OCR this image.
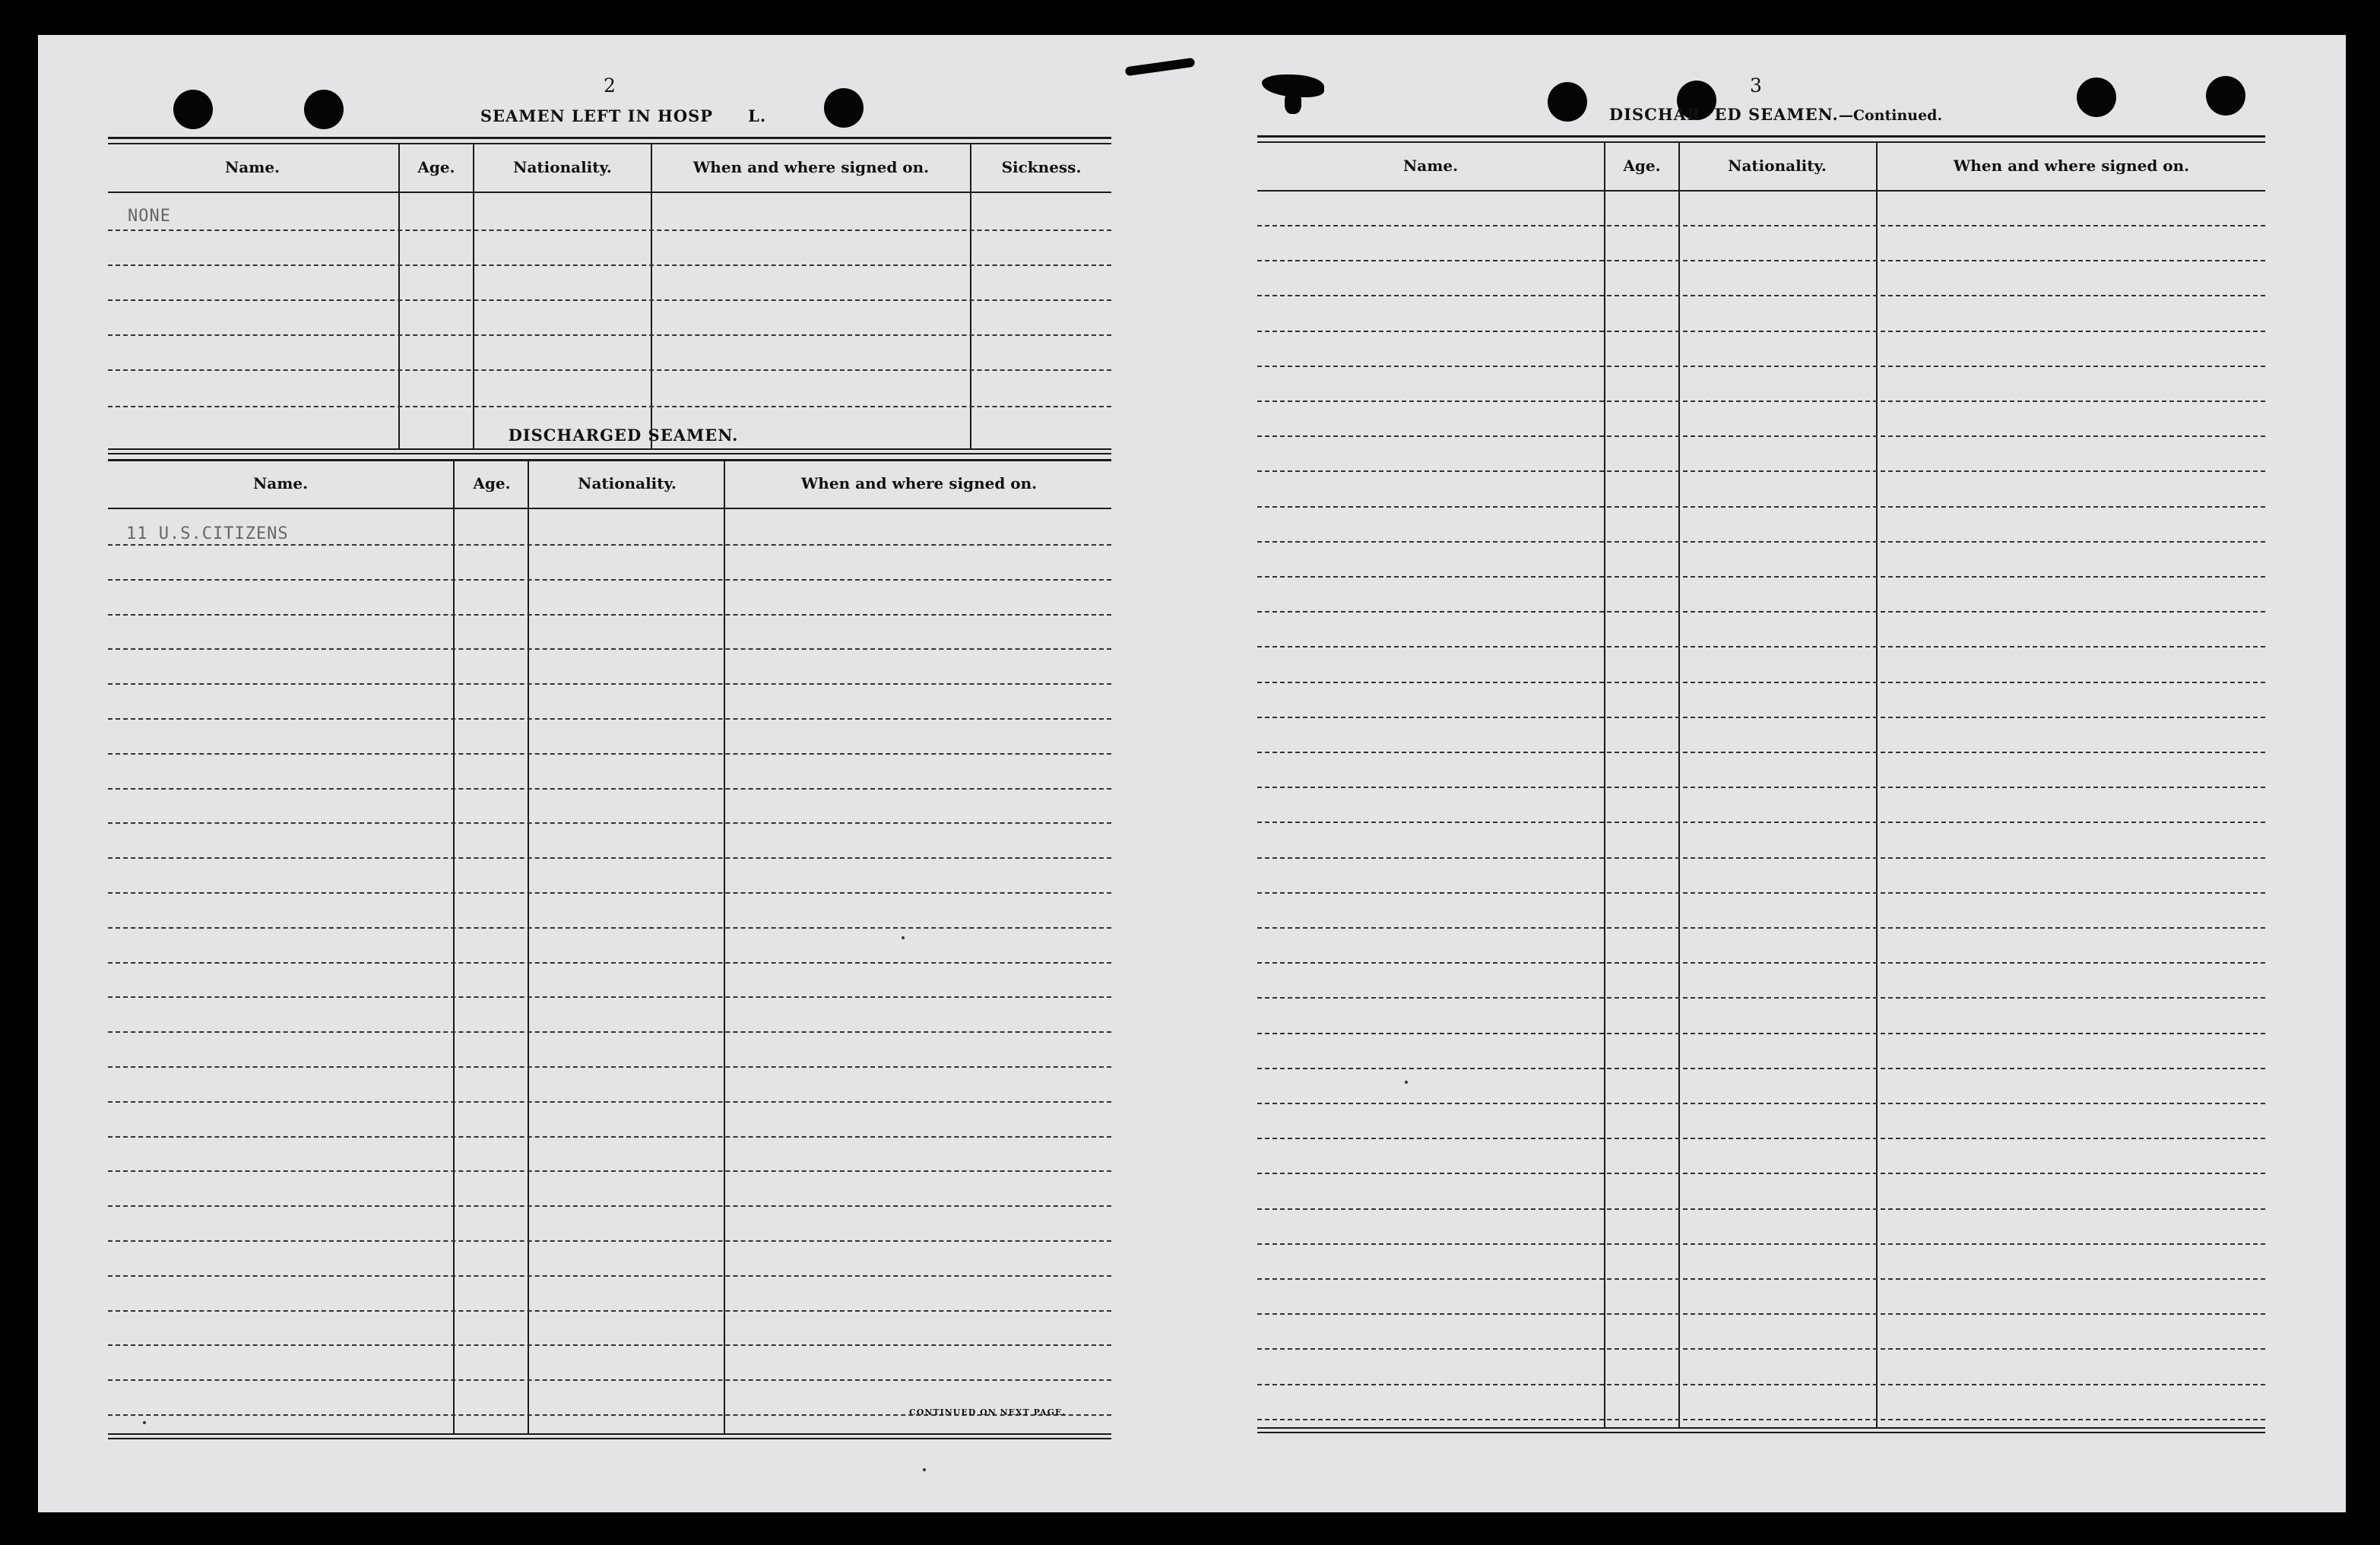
2
SEAMEN LEFT IN HOSP L.
Name.	Age.	Nationality.	When and where signed on.	Sickness.
NONE
DISCHARGED SEAMEN.
Name.	Age.	Nationality.	When and where signed on.
11 U.S.CITIZENS
CONTINUED ON NEXT PAGE.
3
DISCHAR ED SEAMEN.—Continued.
Name.	Age.	Nationality.	When and where signed on.
